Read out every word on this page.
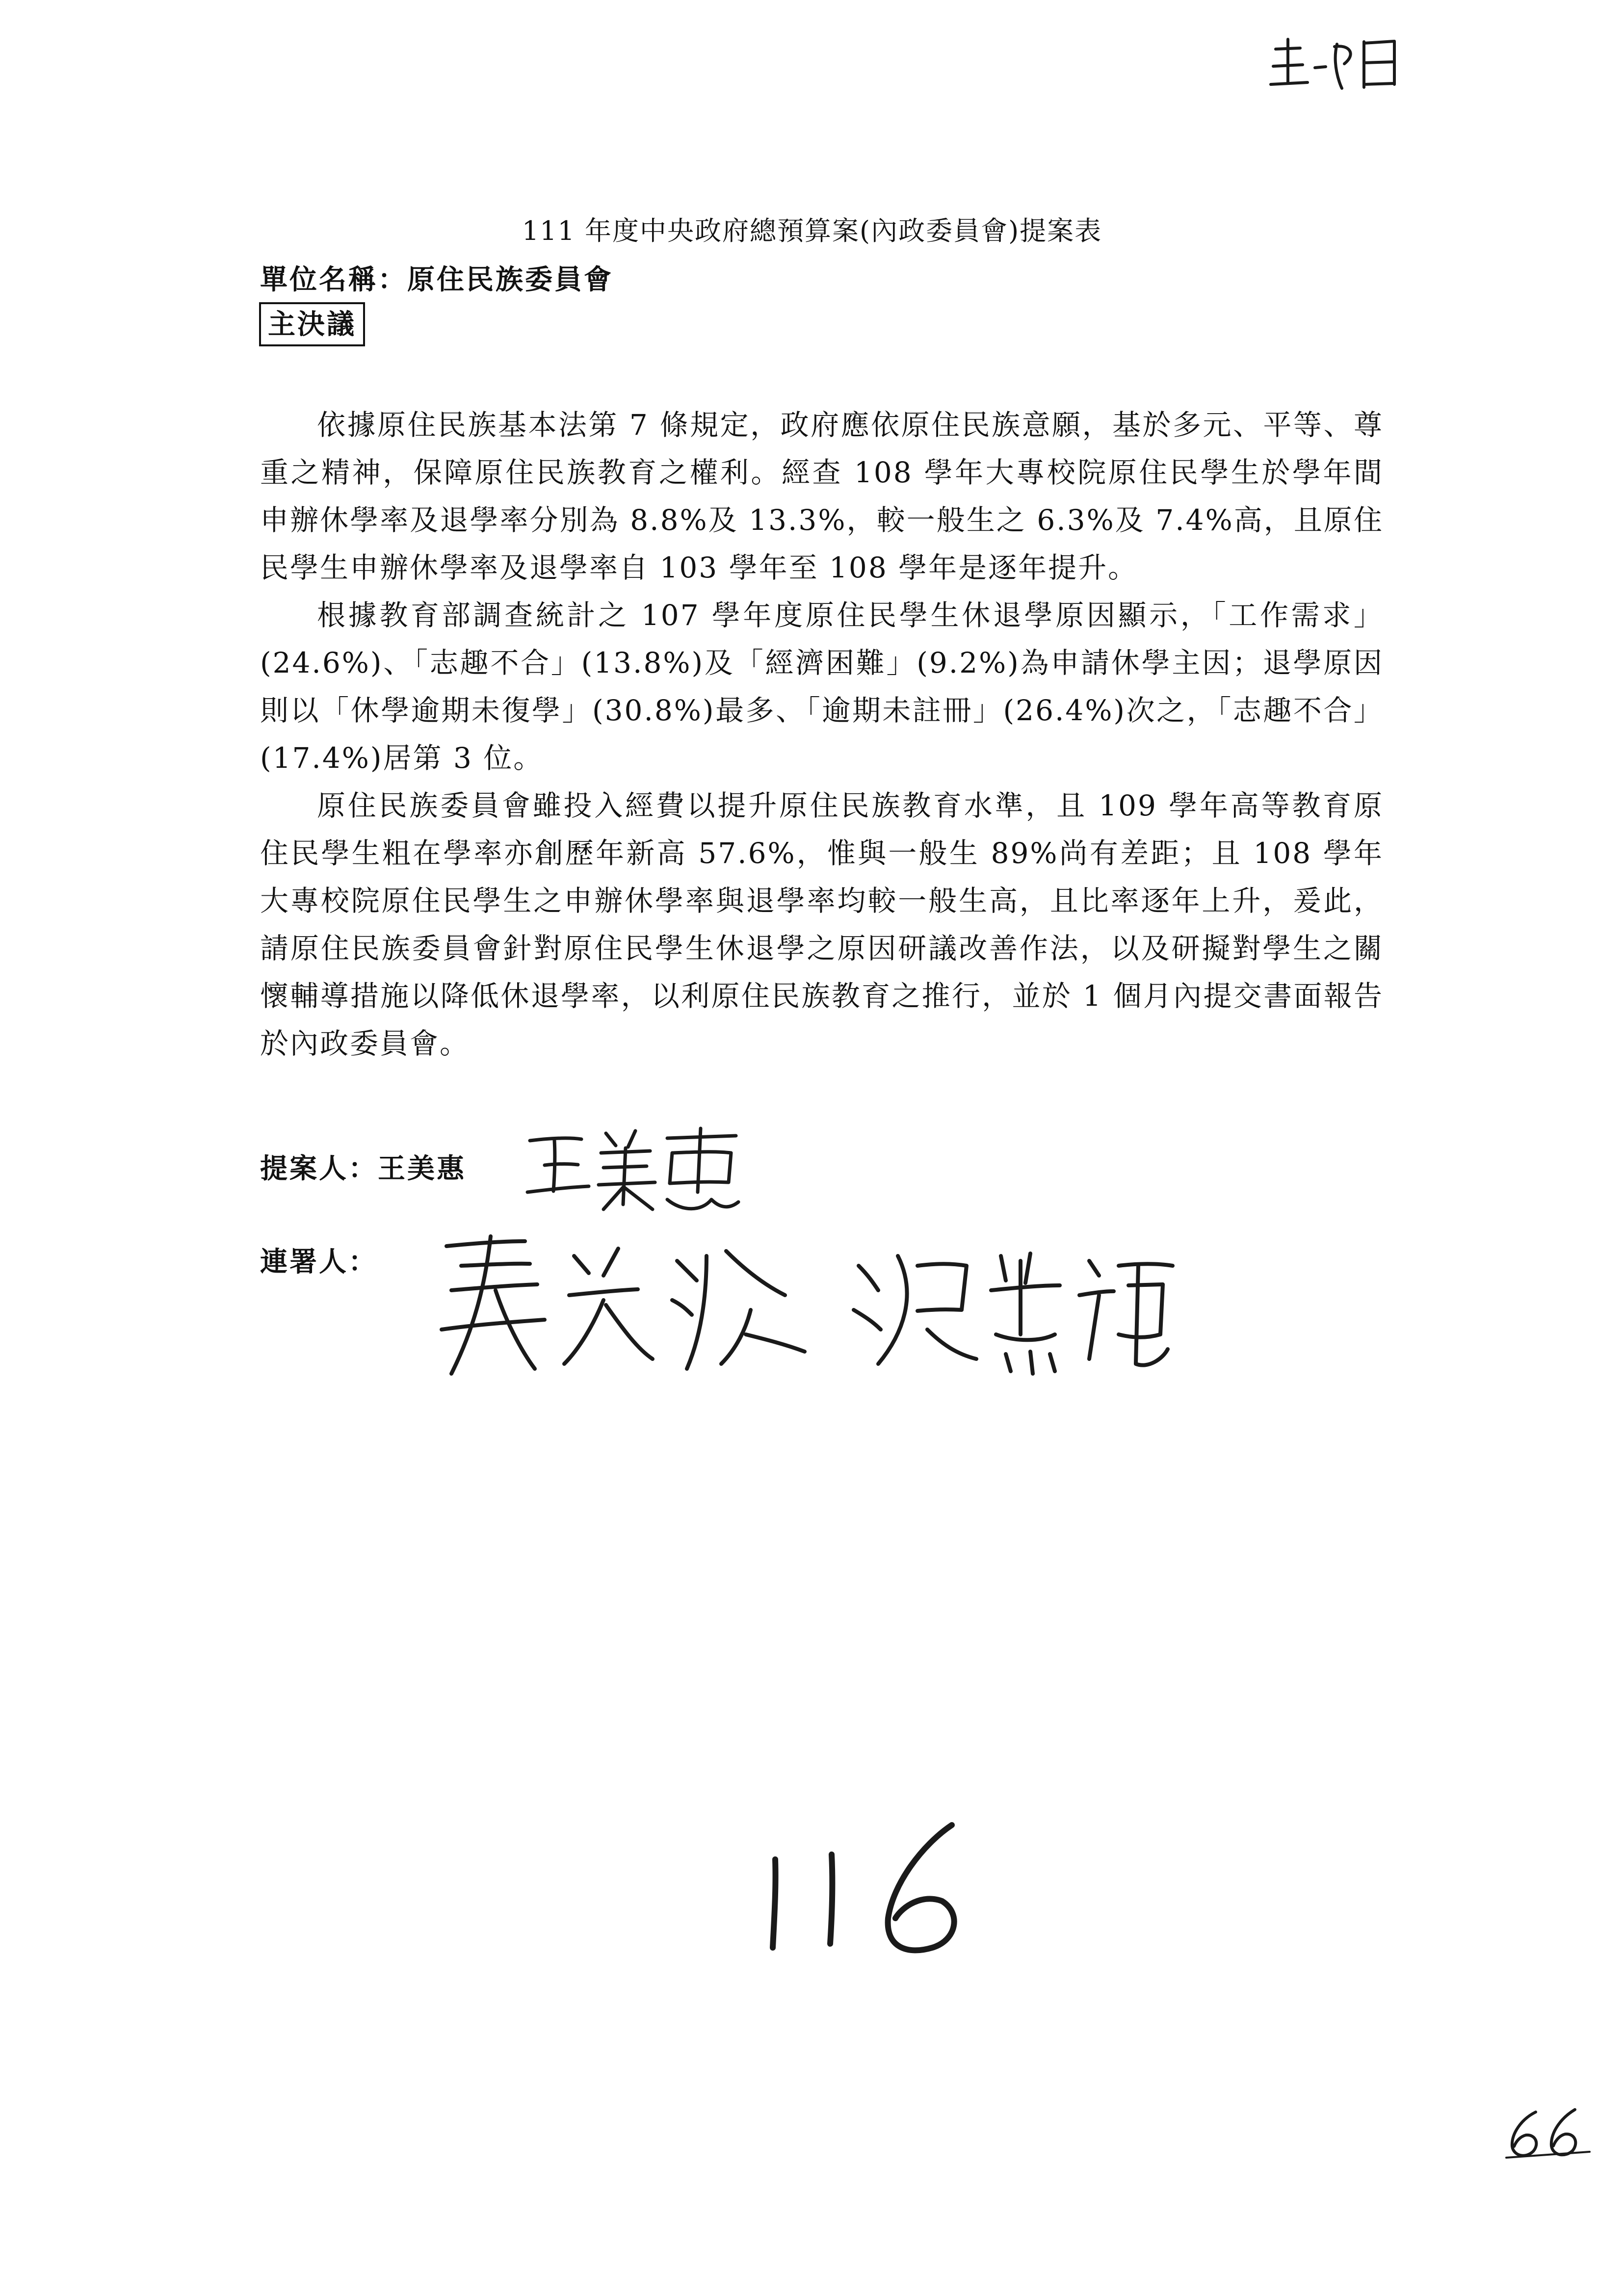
111 年度中央政府總預算案(內政委員會)提案表
單位名稱：原住民族委員會
主決議

依據原住民族基本法第 7 條規定，政府應依原住民族意願，基於多元、平等、尊重之精神，保障原住民族教育之權利。經查 108 學年大專校院原住民學生於學年間申辦休學率及退學率分別為 8.8%及 13.3%，較一般生之 6.3%及 7.4%高，且原住民學生申辦休學率及退學率自 103 學年至 108 學年是逐年提升。

根據教育部調查統計之 107 學年度原住民學生休退學原因顯示，「工作需求」(24.6%)、「志趣不合」(13.8%)及「經濟困難」(9.2%)為申請休學主因；退學原因則以「休學逾期未復學」(30.8%)最多、「逾期未註冊」(26.4%)次之，「志趣不合」(17.4%)居第 3 位。

原住民族委員會雖投入經費以提升原住民族教育水準，且 109 學年高等教育原住民學生粗在學率亦創歷年新高 57.6%，惟與一般生 89%尚有差距；且 108 學年大專校院原住民學生之申辦休學率與退學率均較一般生高，且比率逐年上升，爰此，請原住民族委員會針對原住民學生休退學之原因研議改善作法，以及研擬對學生之關懷輔導措施以降低休退學率，以利原住民族教育之推行，並於 1 個月內提交書面報告於內政委員會。

提案人：王美惠
連署人：
